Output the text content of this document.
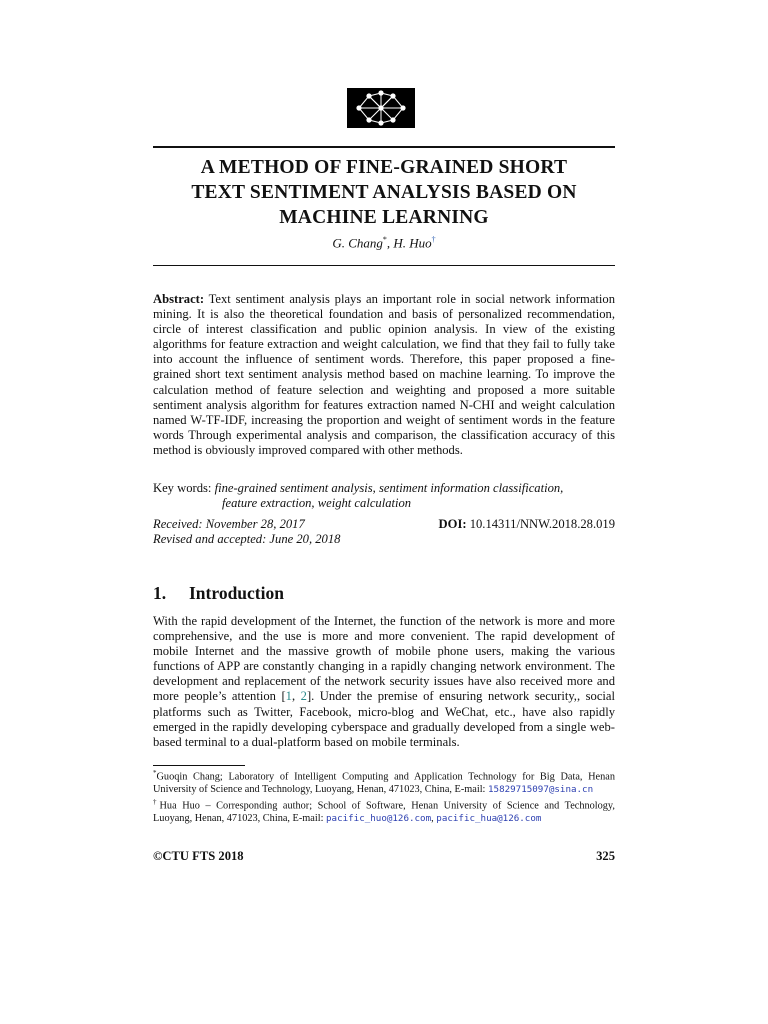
A METHOD OF FINE-GRAINED SHORT
TEXT SENTIMENT ANALYSIS BASED ON
MACHINE LEARNING
G. Chang*, H. Huo†
Abstract: Text sentiment analysis plays an important role in social network information mining. It is also the theoretical foundation and basis of personalized recommendation, circle of interest classification and public opinion analysis. In view of the existing algorithms for feature extraction and weight calculation, we find that they fail to fully take into account the influence of sentiment words. Therefore, this paper proposed a fine-grained short text sentiment analysis method based on machine learning. To improve the calculation method of feature selection and weighting and proposed a more suitable sentiment analysis algorithm for features extraction named N-CHI and weight calculation named W-TF-IDF, increasing the proportion and weight of sentiment words in the feature words Through experimental analysis and comparison, the classification accuracy of this method is obviously improved compared with other methods.
Key words: fine-grained sentiment analysis, sentiment information classification,
feature extraction, weight calculation
Received: November 28, 2017	DOI: 10.14311/NNW.2018.28.019
Revised and accepted: June 20, 2018
1. Introduction
With the rapid development of the Internet, the function of the network is more and more comprehensive, and the use is more and more convenient. The rapid development of mobile Internet and the massive growth of mobile phone users, making the various functions of APP are constantly changing in a rapidly changing network environment. The development and replacement of the network security issues have also received more and more people’s attention [1, 2]. Under the premise of ensuring network security,, social platforms such as Twitter, Facebook, micro-blog and WeChat, etc., have also rapidly emerged in the rapidly developing cyberspace and gradually developed from a single web-based terminal to a dual-platform based on mobile terminals.
*Guoqin Chang; Laboratory of Intelligent Computing and Application Technology for Big Data, Henan University of Science and Technology, Luoyang, Henan, 471023, China, E-mail: 15829715097@sina.cn
†Hua Huo – Corresponding author; School of Software, Henan University of Science and Technology, Luoyang, Henan, 471023, China, E-mail: pacific_huo@126.com, pacific_hua@126.com
©CTU FTS 2018	325
